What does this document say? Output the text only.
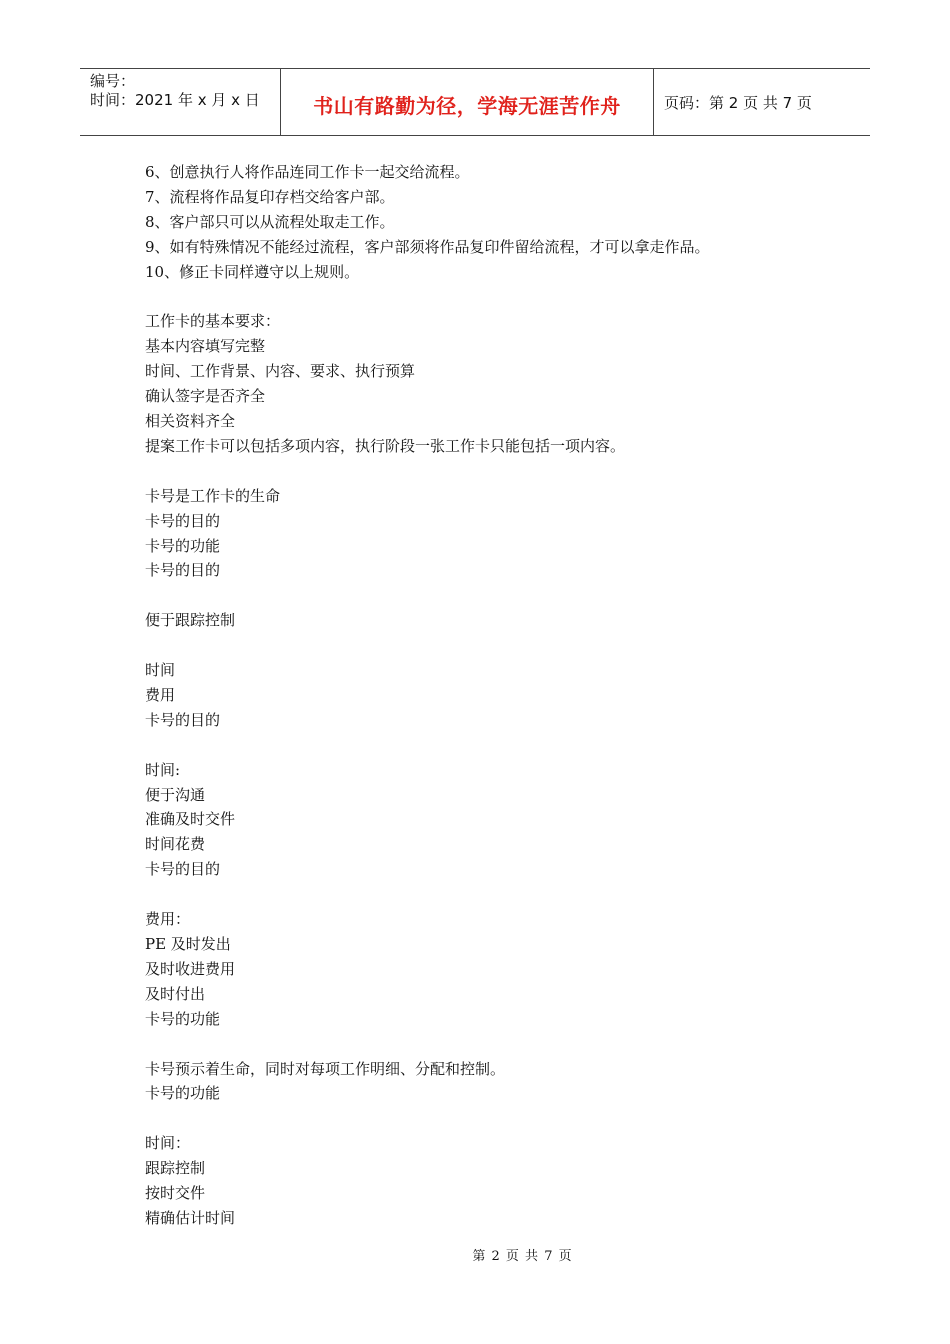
编号：
时间：2021 年 x 月 x 日	书山有路勤为径，学海无涯苦作舟	页码：第 2 页 共 7 页
6、创意执行人将作品连同工作卡一起交给流程。
7、流程将作品复印存档交给客户部。
8、客户部只可以从流程处取走工作。
9、如有特殊情况不能经过流程，客户部须将作品复印件留给流程，才可以拿走作品。
10、修正卡同样遵守以上规则。
工作卡的基本要求：
基本内容填写完整
时间、工作背景、内容、要求、执行预算
确认签字是否齐全
相关资料齐全
提案工作卡可以包括多项内容，执行阶段一张工作卡只能包括一项内容。
卡号是工作卡的生命
卡号的目的
卡号的功能
卡号的目的
便于跟踪控制
时间
费用
卡号的目的
时间:
便于沟通
准确及时交件
时间花费
卡号的目的
费用：
PE 及时发出
及时收进费用
及时付出
卡号的功能
卡号预示着生命，同时对每项工作明细、分配和控制。
卡号的功能
时间：
跟踪控制
按时交件
精确估计时间
第 2 页 共 7 页
